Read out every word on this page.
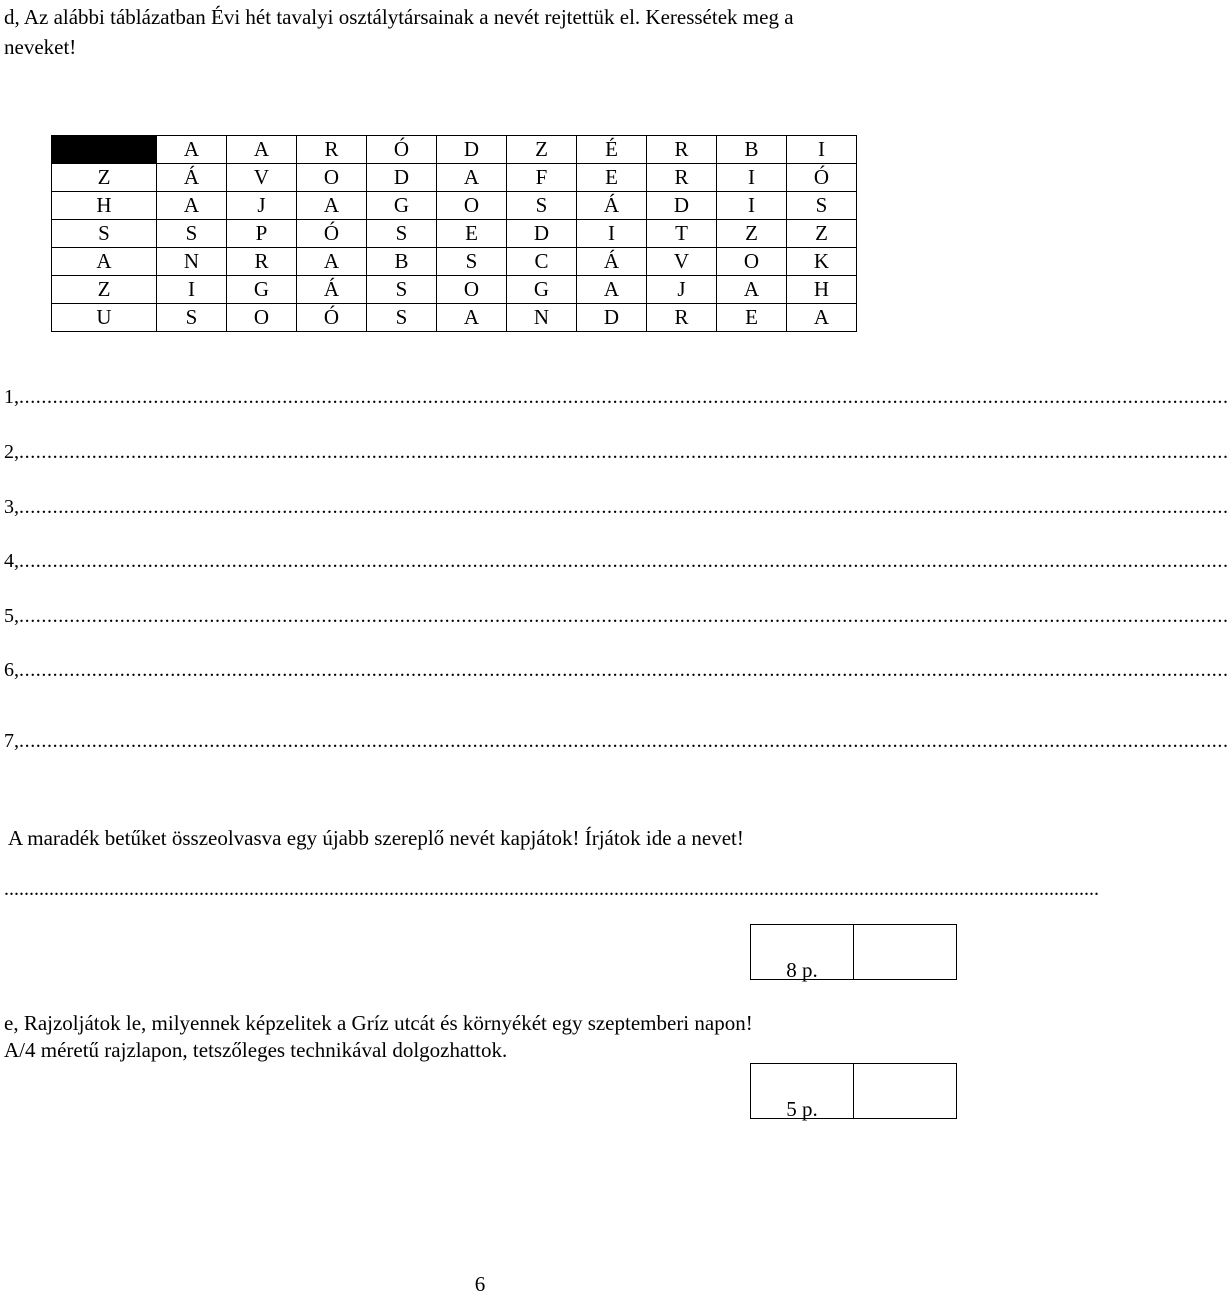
d, Az alábbi táblázatban Évi hét tavalyi osztálytársainak a nevét rejtettük el. Keressétek meg a
neveket!
	A	A	R	Ó	D	Z	É	R	B	I
Z	Á	V	O	D	A	F	E	R	I	Ó
H	A	J	A	G	O	S	Á	D	I	S
S	S	P	Ó	S	E	D	I	T	Z	Z
A	N	R	A	B	S	C	Á	V	O	K
Z	I	G	Á	S	O	G	A	J	A	H
U	S	O	Ó	S	A	N	D	R	E	A
1,........................................................................................................................................................................................................................
2,........................................................................................................................................................................................................................
3,........................................................................................................................................................................................................................
4,........................................................................................................................................................................................................................
5,........................................................................................................................................................................................................................
6,........................................................................................................................................................................................................................
7,........................................................................................................................................................................................................................
A maradék betűket összeolvasva egy újabb szereplő nevét kapjátok! Írjátok ide a nevet!
...........................................................................................................................................................................................................................
8 p.
e, Rajzoljátok le, milyennek képzelitek a Gríz utcát és környékét egy szeptemberi napon!
A/4 méretű rajzlapon, tetszőleges technikával dolgozhattok.
5 p.
6
